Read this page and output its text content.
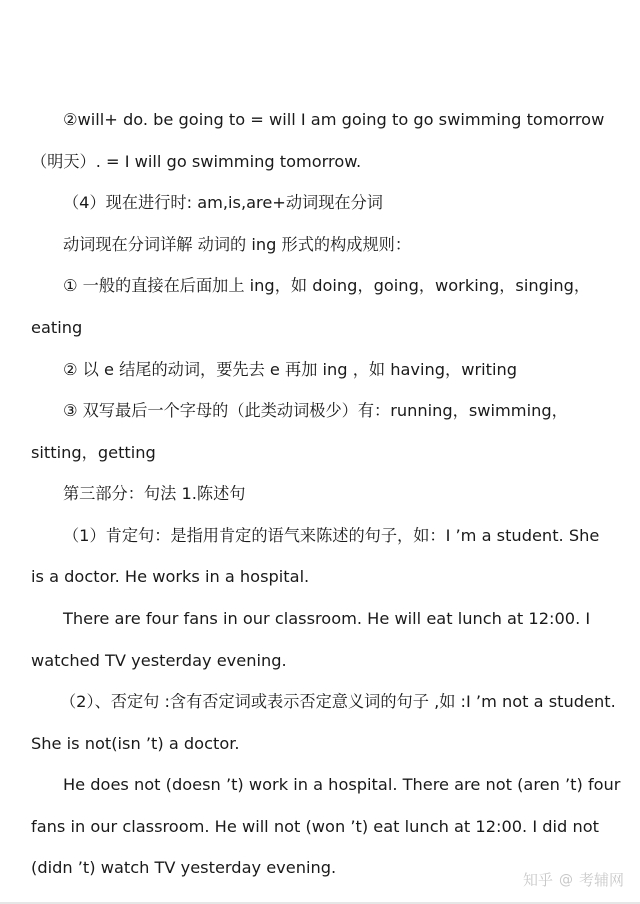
②will+ do. be going to = will I am going to go swimming tomorrow
（明天）. = I will go swimming tomorrow.
（4）现在进行时: am,is,are+动词现在分词
动词现在分词详解 动词的 ing 形式的构成规则：
① 一般的直接在后面加上 ing，如 doing，going，working，singing，
eating
② 以 e 结尾的动词，要先去 e 再加 ing ，如 having，writing
③ 双写最后一个字母的（此类动词极少）有：running，swimming，
sitting，getting
第三部分：句法 1.陈述句
（1）肯定句：是指用肯定的语气来陈述的句子，如：I ’m a student. She
is a doctor. He works in a hospital.
There are four fans in our classroom. He will eat lunch at 12:00. I
watched TV yesterday evening.
（2）、否定句 :含有否定词或表示否定意义词的句子 ,如 :I ’m not a student.
She is not(isn ’t) a doctor.
He does not (doesn ’t) work in a hospital. There are not (aren ’t) four
fans in our classroom. He will not (won ’t) eat lunch at 12:00. I did not
(didn ’t) watch TV yesterday evening.
知乎 @ 考辅网
